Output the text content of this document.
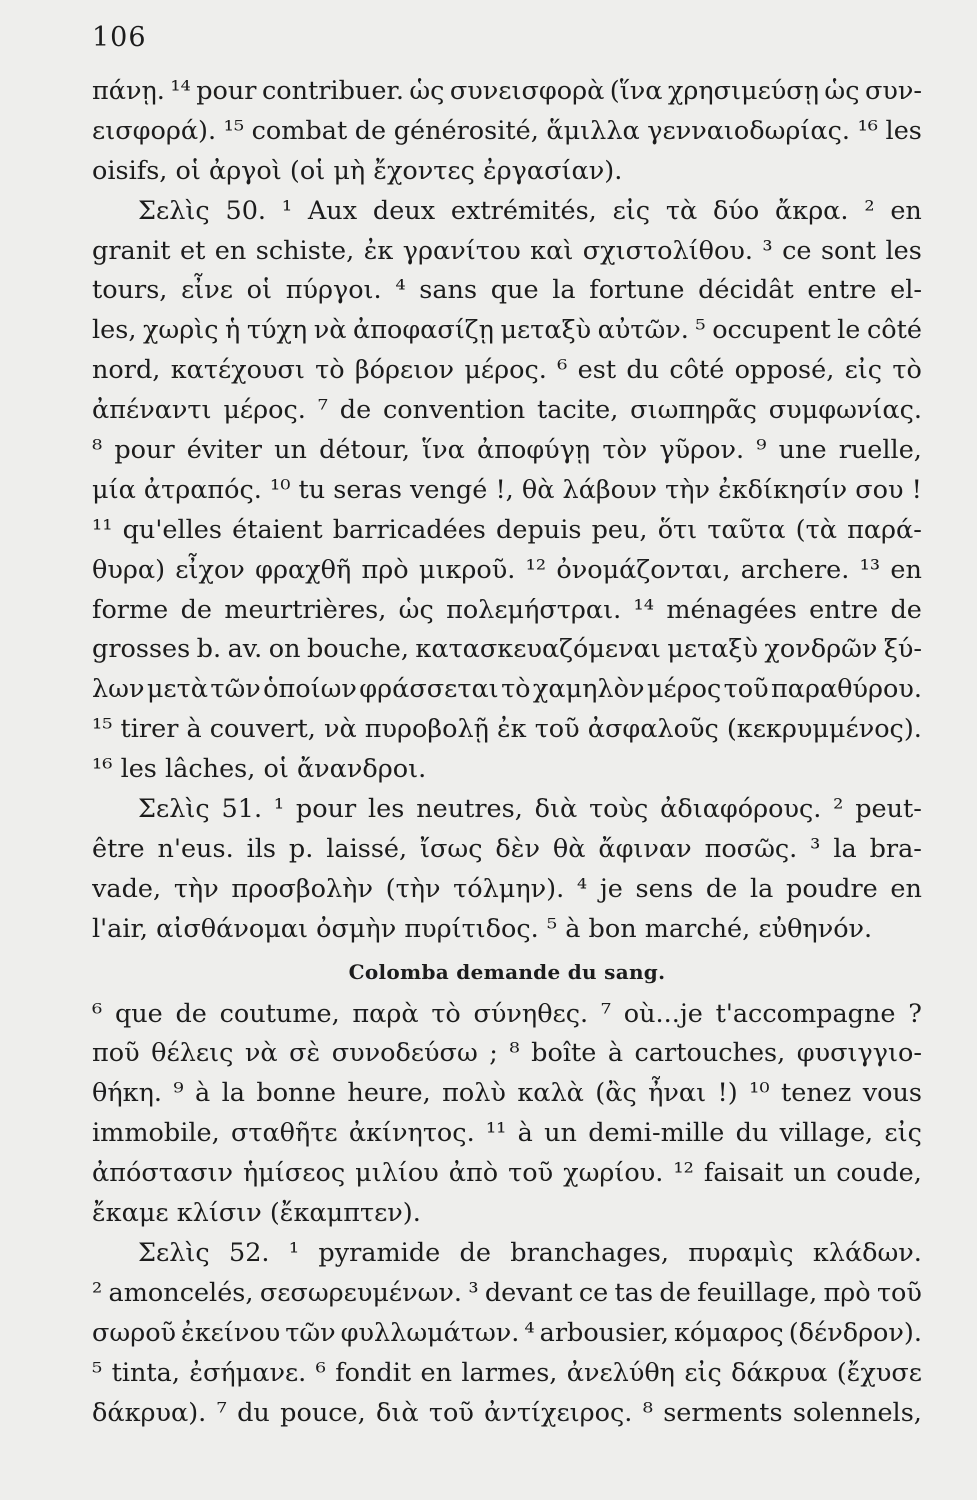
106
πάνῃ. ¹⁴ pour contribuer. ὡς συνεισφορὰ (ἵνα χρησιμεύσῃ ὡς συν-
εισφορά). ¹⁵ combat de générosité, ἅμιλλα γενναιοδωρίας. ¹⁶ les
oisifs,
οἱ
ἀργοὶ
(οἱ
μὴ
ἔχοντες
ἐργασίαν).
Σελὶς 50. ¹ Aux deux extrémités, εἰς τὰ δύο ἄκρα. ² en
granit et en schiste, ἐκ γρανίτου καὶ σχιστολίθου. ³ ce sont les
tours, εἶνε οἱ πύργοι. ⁴ sans que la fortune décidât entre el-
les, χωρὶς ἡ τύχη νὰ ἀποφασίζῃ μεταξὺ αὐτῶν. ⁵ occupent le côté
nord, κατέχουσι τὸ βόρειον μέρος. ⁶ est du côté opposé, εἰς τὸ
ἀπέναντι μέρος. ⁷ de convention tacite, σιωπηρᾶς συμφωνίας.
⁸ pour éviter un détour, ἵνα ἀποφύγῃ τὸν γῦρον. ⁹ une ruelle,
μία ἀτραπός. ¹⁰ tu seras vengé !, θὰ λάβουν τὴν ἐκδίκησίν σου !
¹¹ qu'elles étaient barricadées depuis peu, ὅτι ταῦτα (τὰ παρά-
θυρα) εἶχον φραχθῆ πρὸ μικροῦ. ¹² ὀνομάζονται, archere. ¹³ en
forme de meurtrières, ὡς πολεμήστραι. ¹⁴ ménagées entre de
grosses b. av. on bouche, κατασκευαζόμεναι μεταξὺ χονδρῶν ξύ-
λων μετὰ τῶν ὁποίων φράσσεται τὸ χαμηλὸν μέρος τοῦ παραθύρου.
¹⁵ tirer à couvert, νὰ πυροβολῇ ἐκ τοῦ ἀσφαλοῦς (κεκρυμμένος).
¹⁶
les
lâches,
οἱ
ἄνανδροι.
Σελὶς 51. ¹ pour les neutres, διὰ τοὺς ἀδιαφόρους. ² peut-
être n'eus. ils p. laissé, ἴσως δὲν θὰ ἄφιναν ποσῶς. ³ la bra-
vade, τὴν προσβολὴν (τὴν τόλμην). ⁴ je sens de la poudre en
l'air,
αἰσθάνομαι
ὀσμὴν
πυρίτιδος.
⁵
à
bon
marché,
εὐθηνόν.
Colomba demande du sang.
⁶ que de coutume, παρὰ τὸ σύνηθες. ⁷ où...je t'accompagne ?
ποῦ θέλεις νὰ σὲ συνοδεύσω ; ⁸ boîte à cartouches, φυσιγγιο-
θήκη. ⁹ à la bonne heure, πολὺ καλὰ (ἂς ἦναι !) ¹⁰ tenez vous
immobile, σταθῆτε ἀκίνητος. ¹¹ à un demi-mille du village, εἰς
ἀπόστασιν ἡμίσεος μιλίου ἀπὸ τοῦ χωρίου. ¹² faisait un coude,
ἔκαμε
κλίσιν
(ἔκαμπτεν).
Σελὶς 52. ¹ pyramide de branchages, πυραμὶς κλάδων.
² amoncelés, σεσωρευμένων. ³ devant ce tas de feuillage, πρὸ τοῦ
σωροῦ ἐκείνου τῶν φυλλωμάτων. ⁴ arbousier, κόμαρος (δένδρον).
⁵ tinta, ἐσήμανε. ⁶ fondit en larmes, ἀνελύθη εἰς δάκρυα (ἔχυσε
δάκρυα). ⁷ du pouce, διὰ τοῦ ἀντίχειρος. ⁸ serments solennels,
